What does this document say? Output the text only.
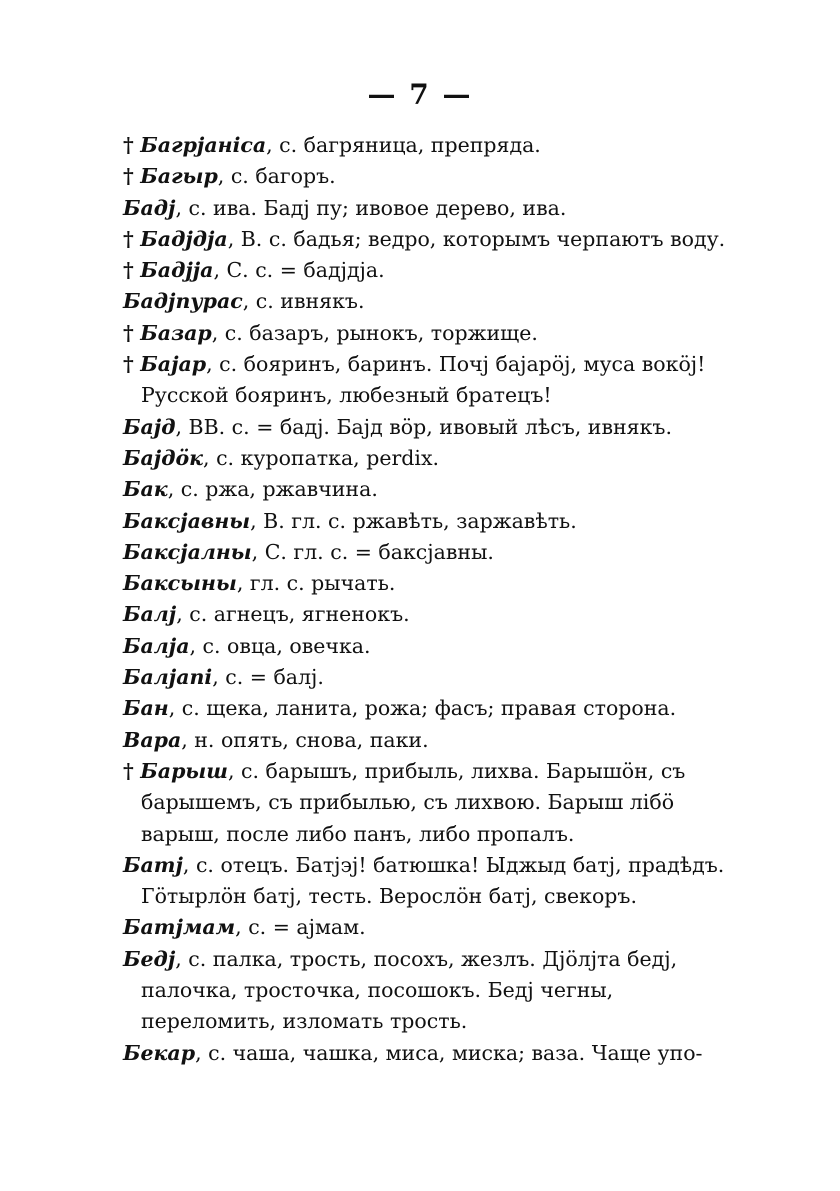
— 7 —

† Багрјаніса, с. багряница, препряда.

† Багыр, с. багоръ.

Бадј, с. ива. Бадј пу; ивовое дерево, ива.

† Бадјдја, В. с. бадья; ведро, которымъ черпаютъ воду.

† Бадјја, С. с. = бадјдја.

Бадјпурас, с. ивнякъ.

† Базар, с. базаръ, рынокъ, торжище.

† Бајар, с. бояринъ, баринъ. Почј бајарöј, муса вокöј! Русской бояринъ, любезный братецъ!

Бајд, ВВ. с. = бадј. Бајд вöр, ивовый лѣсъ, ивнякъ.

Бајдöк, с. куропатка, perdix.

Бак, с. ржа, ржавчина.

Баксјавны, В. гл. с. ржавѣть, заржавѣть.

Баксјалны, С. гл. с. = баксјавны.

Баксыны, гл. с. рычать.

Балј, с. агнецъ, ягненокъ.

Балја, с. овца, овечка.

Балјапі, с. = балј.

Бан, с. щека, ланита, рожа; фасъ; правая сторона.

Вара, н. опять, снова, паки.

† Барыш, с. барышъ, прибыль, лихва. Барышöн, съ барышемъ, съ прибылью, съ лихвою. Барыш лібö варыш, после либо панъ, либо пропалъ.

Батј, с. отецъ. Батјэј! батюшка! Ыджыд батј, прадѣдъ. Гöтырлöн батј, тесть. Верослöн батј, свекоръ.

Батјмам, с. = ајмам.

Бедј, с. палка, трость, посохъ, жезлъ. Дјöлјта бедј, палочка, тросточка, посошокъ. Бедј чегны, переломить, изломать трость.

Бекар, с. чаша, чашка, миса, миска; ваза. Чаще упо-
